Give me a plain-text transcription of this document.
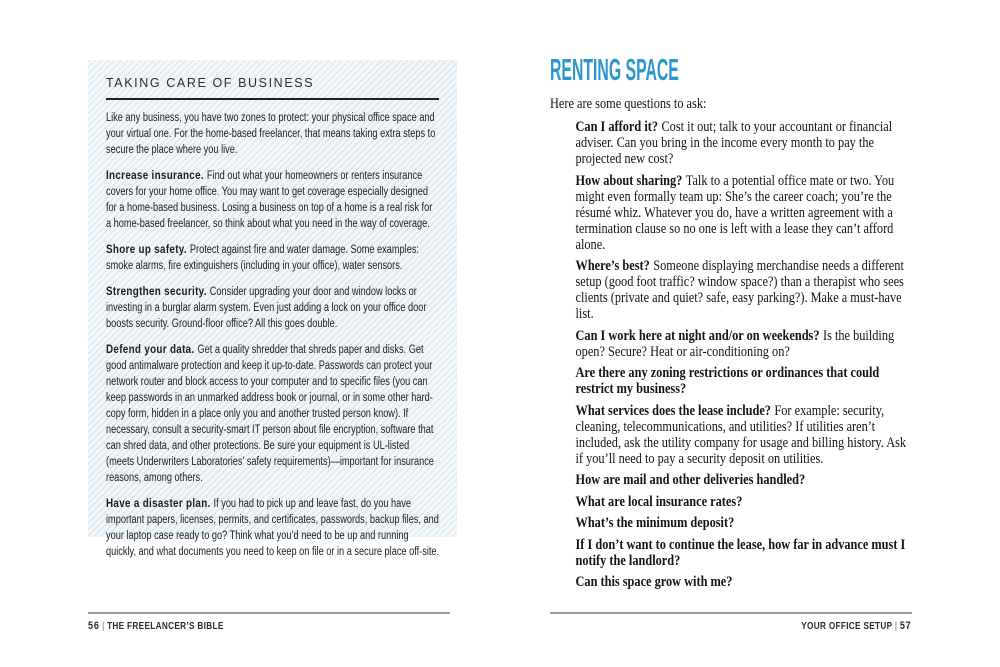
TAKING CARE OF BUSINESS

Like any business, you have two zones to protect: your physical office space and your virtual one. For the home-based freelancer, that means taking extra steps to secure the place where you live.

Increase insurance. Find out what your homeowners or renters insurance covers for your home office. You may want to get coverage especially designed for a home-based business. Losing a business on top of a home is a real risk for a home-based freelancer, so think about what you need in the way of coverage.

Shore up safety. Protect against fire and water damage. Some examples: smoke alarms, fire extinguishers (including in your office), water sensors.

Strengthen security. Consider upgrading your door and window locks or investing in a burglar alarm system. Even just adding a lock on your office door boosts security. Ground-floor office? All this goes double.

Defend your data. Get a quality shredder that shreds paper and disks. Get good antimalware protection and keep it up-to-date. Passwords can protect your network router and block access to your computer and to specific files (you can keep passwords in an unmarked address book or journal, or in some other hard-copy form, hidden in a place only you and another trusted person know). If necessary, consult a security-smart IT person about file encryption, software that can shred data, and other protections. Be sure your equipment is UL-listed (meets Underwriters Laboratories’ safety requirements)—important for insurance reasons, among others.

Have a disaster plan. If you had to pick up and leave fast, do you have important papers, licenses, permits, and certificates, passwords, backup files, and your laptop case ready to go? Think what you’d need to be up and running quickly, and what documents you need to keep on file or in a secure place off-site.

RENTING SPACE

Here are some questions to ask:

Can I afford it? Cost it out; talk to your accountant or financial adviser. Can you bring in the income every month to pay the projected new cost?

How about sharing? Talk to a potential office mate or two. You might even formally team up: She’s the career coach; you’re the résumé whiz. Whatever you do, have a written agreement with a termination clause so no one is left with a lease they can’t afford alone.

Where’s best? Someone displaying merchandise needs a different setup (good foot traffic? window space?) than a therapist who sees clients (private and quiet? safe, easy parking?). Make a must-have list.

Can I work here at night and/or on weekends? Is the building open? Secure? Heat or air-conditioning on?

Are there any zoning restrictions or ordinances that could restrict my business?

What services does the lease include? For example: security, cleaning, telecommunications, and utilities? If utilities aren’t included, ask the utility company for usage and billing history. Ask if you’ll need to pay a security deposit on utilities.

How are mail and other deliveries handled?

What are local insurance rates?

What’s the minimum deposit?

If I don’t want to continue the lease, how far in advance must I notify the landlord?

Can this space grow with me?

56 | THE FREELANCER’S BIBLE	YOUR OFFICE SETUP | 57
